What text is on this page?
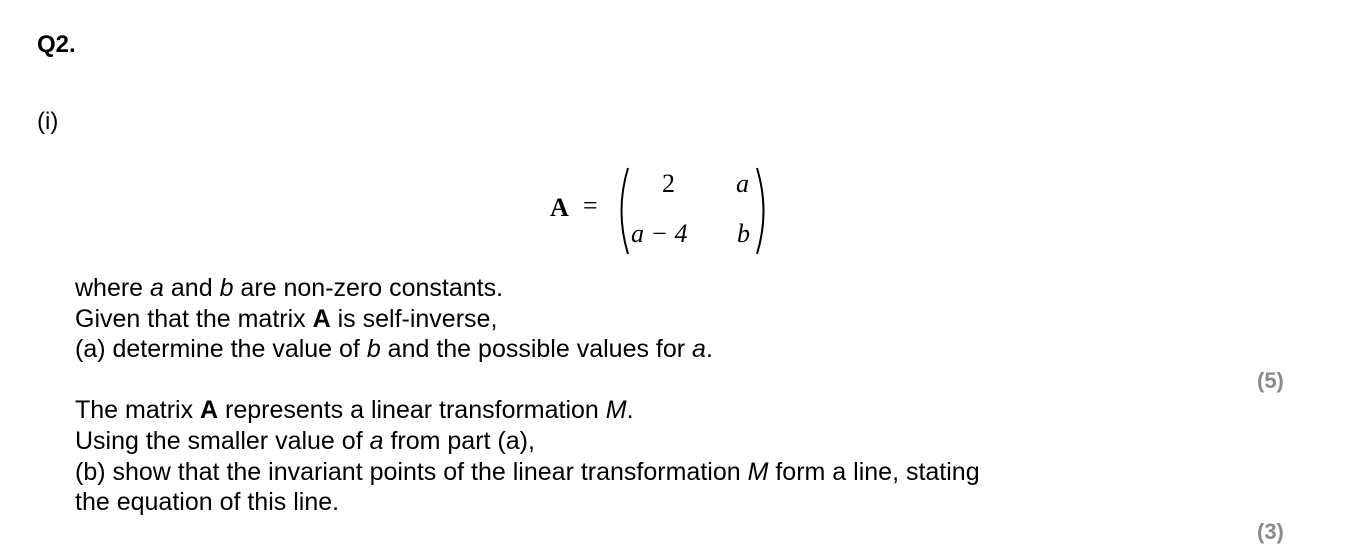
Q2.
(i)
A =
2 a
a − 4 b
where a and b are non-zero constants.
Given that the matrix A is self-inverse,
(a) determine the value of b and the possible values for a.
The matrix A represents a linear transformation M.
Using the smaller value of a from part (a),
(b) show that the invariant points of the linear transformation M form a line, stating
the equation of this line.
(5)
(3)
